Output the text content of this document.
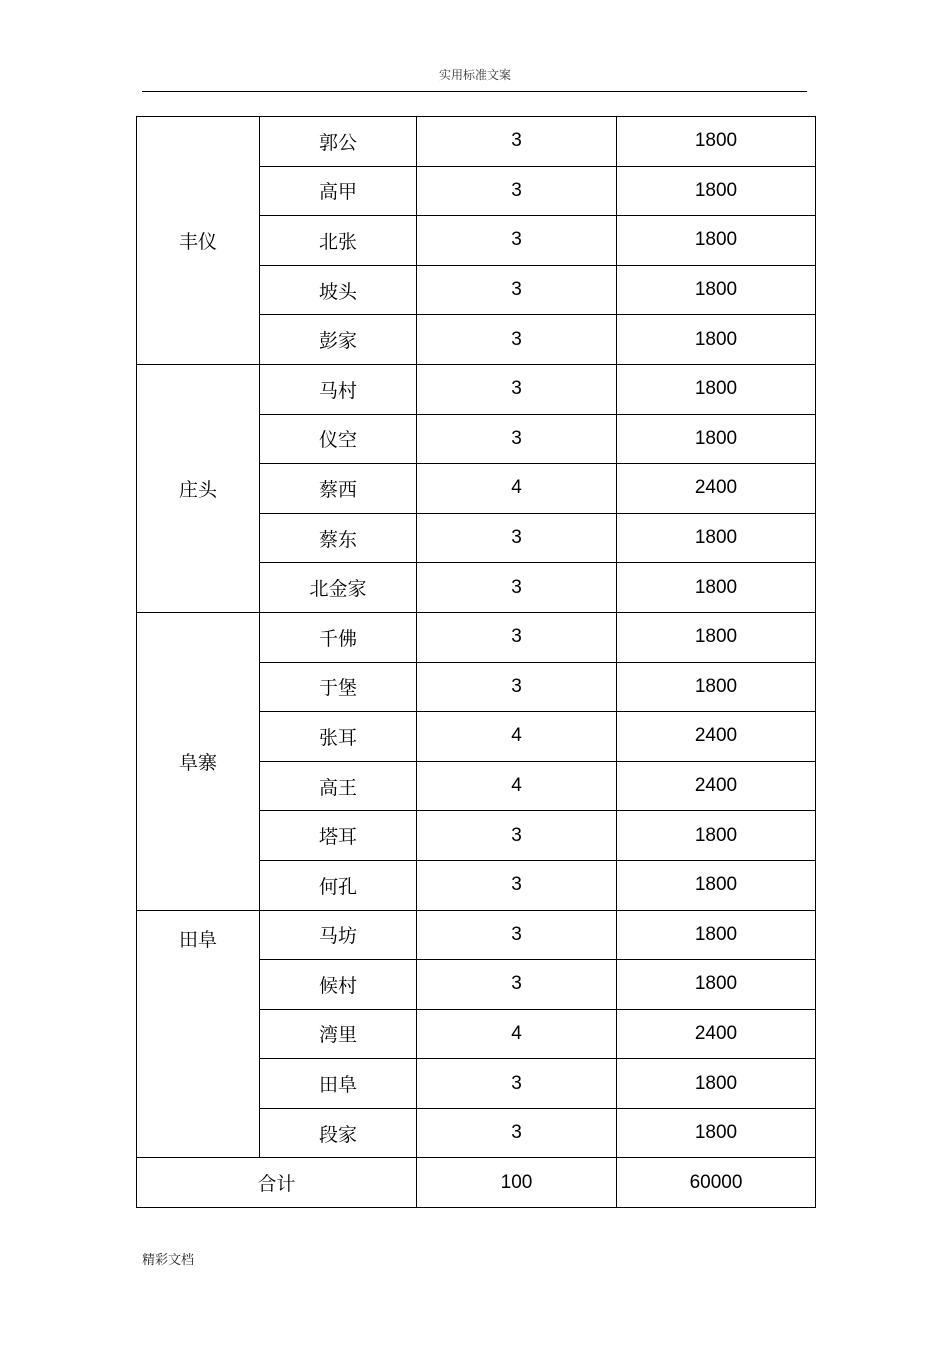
实用标准文案
丰仪	郭公	3	1800
	高甲	3	1800
	北张	3	1800
	坡头	3	1800
	彭家	3	1800
庄头	马村	3	1800
	仪空	3	1800
	蔡西	4	2400
	蔡东	3	1800
	北金家	3	1800
阜寨	千佛	3	1800
	于堡	3	1800
	张耳	4	2400
	高王	4	2400
	塔耳	3	1800
	何孔	3	1800
田阜	马坊	3	1800
	候村	3	1800
	湾里	4	2400
	田阜	3	1800
	段家	3	1800
合计		100	60000
精彩文档
